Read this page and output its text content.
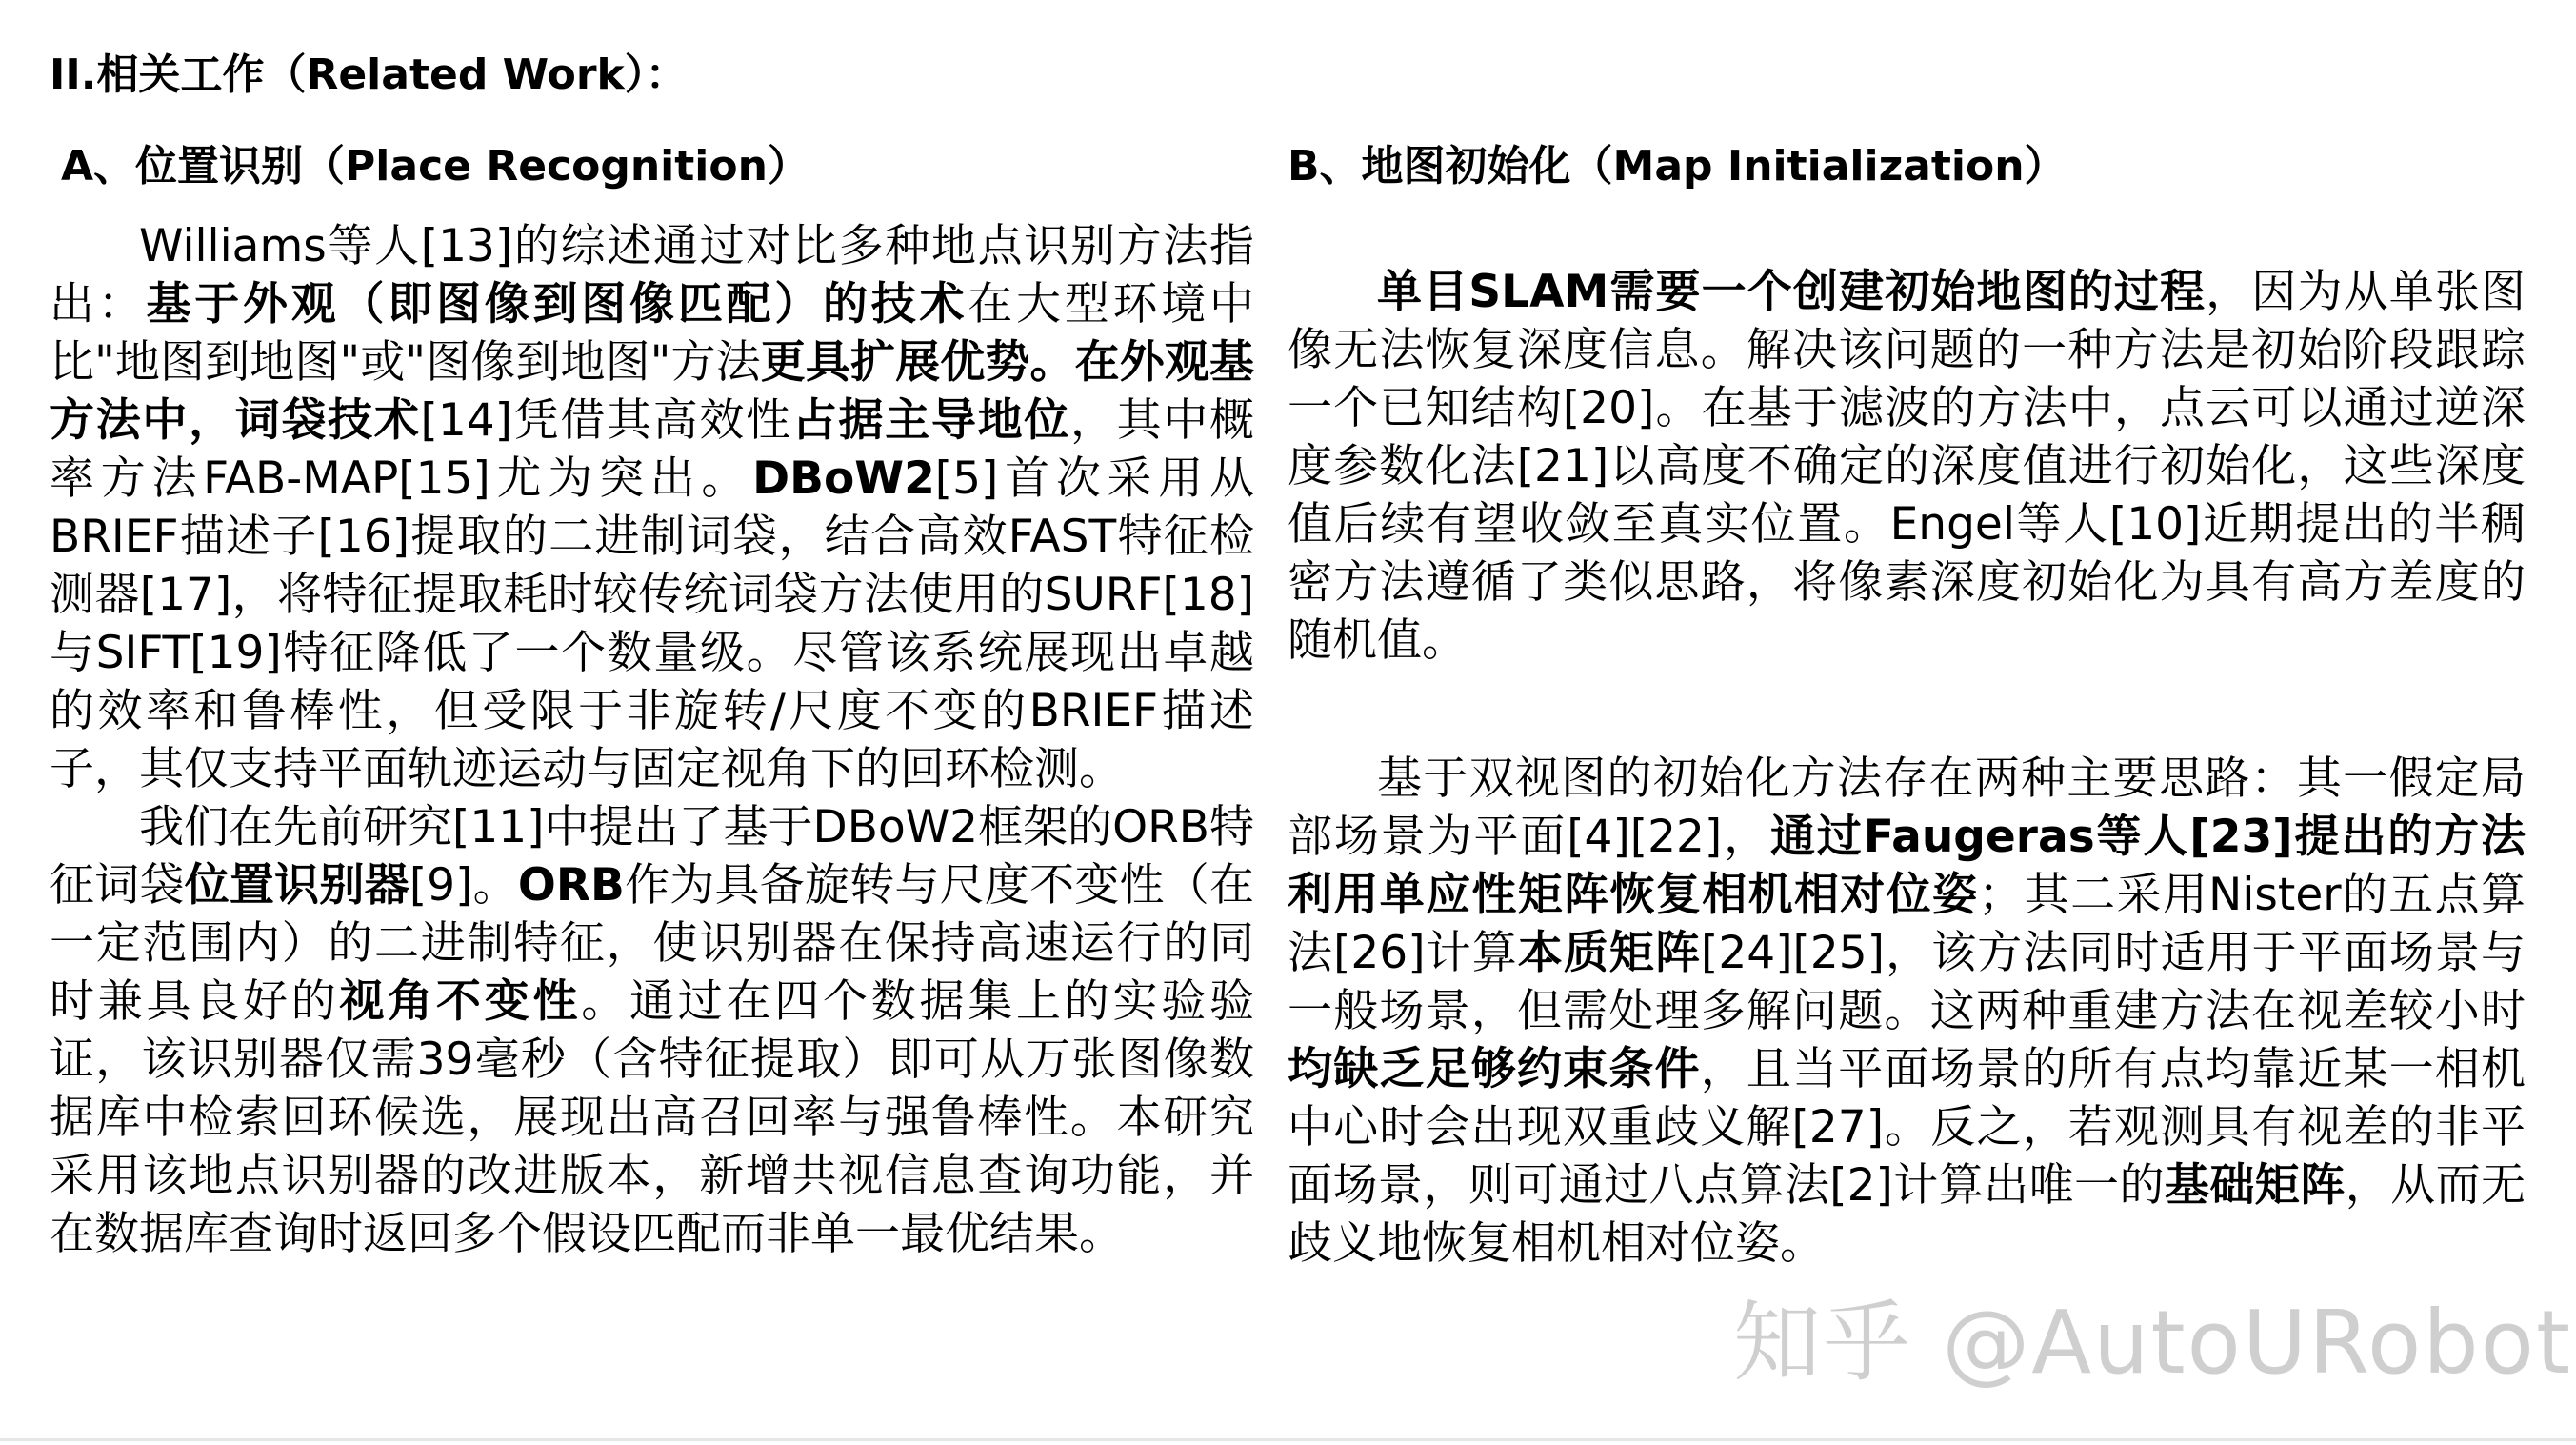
II.相关工作（Related Work）：
A、位置识别（Place Recognition）

Williams等人[13]的综述通过对比多种地点识别方法指出：基于外观（即图像到图像匹配）的技术在大型环境中比"地图到地图"或"图像到地图"方法更具扩展优势。在外观基方法中，词袋技术[14]凭借其高效性占据主导地位，其中概率方法FAB-MAP[15]尤为突出。DBoW2[5]首次采用从BRIEF描述子[16]提取的二进制词袋，结合高效FAST特征检测器[17]，将特征提取耗时较传统词袋方法使用的SURF[18]与SIFT[19]特征降低了一个数量级。尽管该系统展现出卓越的效率和鲁棒性，但受限于非旋转/尺度不变的BRIEF描述子，其仅支持平面轨迹运动与固定视角下的回环检测。

我们在先前研究[11]中提出了基于DBoW2框架的ORB特征词袋位置识别器[9]。ORB作为具备旋转与尺度不变性（在一定范围内）的二进制特征，使识别器在保持高速运行的同时兼具良好的视角不变性。通过在四个数据集上的实验验证，该识别器仅需39毫秒（含特征提取）即可从万张图像数据库中检索回环候选，展现出高召回率与强鲁棒性。本研究采用该地点识别器的改进版本，新增共视信息查询功能，并在数据库查询时返回多个假设匹配而非单一最优结果。

B、地图初始化（Map Initialization）

单目SLAM需要一个创建初始地图的过程，因为从单张图像无法恢复深度信息。解决该问题的一种方法是初始阶段跟踪一个已知结构[20]。在基于滤波的方法中，点云可以通过逆深度参数化法[21]以高度不确定的深度值进行初始化，这些深度值后续有望收敛至真实位置。Engel等人[10]近期提出的半稠密方法遵循了类似思路，将像素深度初始化为具有高方差度的随机值。

基于双视图的初始化方法存在两种主要思路：其一假定局部场景为平面[4][22]，通过Faugeras等人[23]提出的方法利用单应性矩阵恢复相机相对位姿；其二采用Nister的五点算法[26]计算本质矩阵[24][25]，该方法同时适用于平面场景与一般场景，但需处理多解问题。这两种重建方法在视差较小时均缺乏足够约束条件，且当平面场景的所有点均靠近某一相机中心时会出现双重歧义解[27]。反之，若观测具有视差的非平面场景，则可通过八点算法[2]计算出唯一的基础矩阵，从而无歧义地恢复相机相对位姿。

知乎 @AutoURobot
